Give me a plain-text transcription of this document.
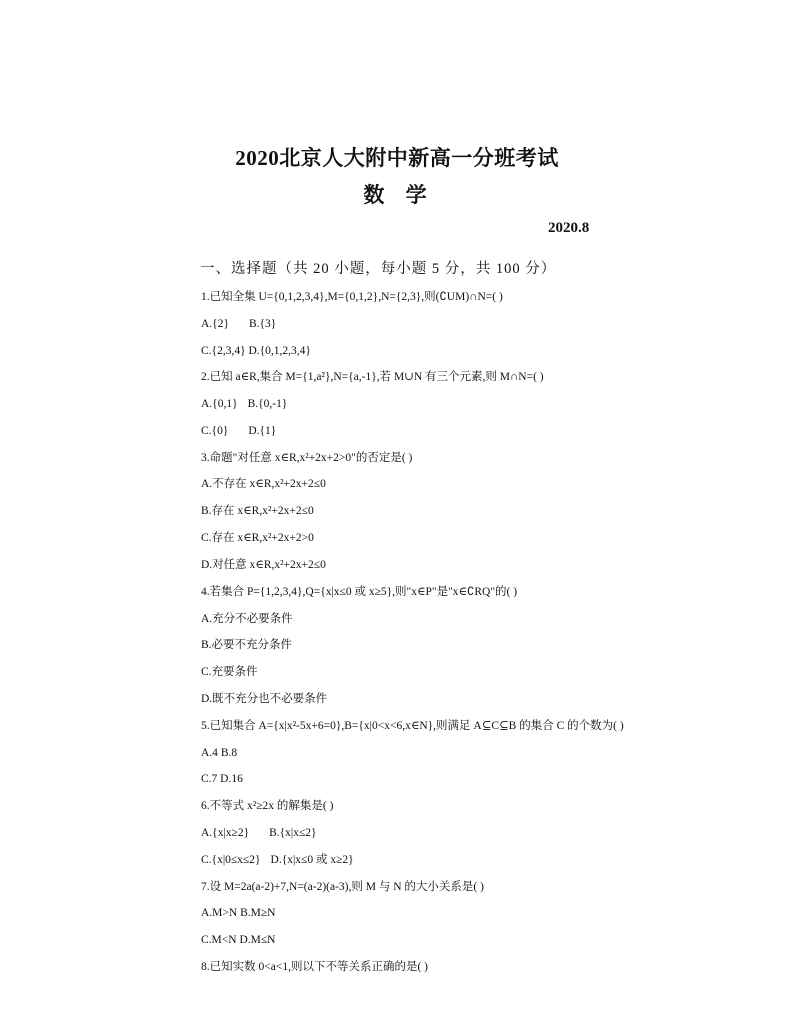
2020北京人大附中新高一分班考试
数 学
2020.8
一、选择题（共 20 小题，每小题 5 分，共 100 分）
1.已知全集 U={0,1,2,3,4},M={0,1,2},N={2,3},则(∁UM)∩N=( )
A.{2} B.{3}
C.{2,3,4} D.{0,1,2,3,4}
2.已知 a∈R,集合 M={1,a²},N={a,-1},若 M∪N 有三个元素,则 M∩N=( )
A.{0,1} B.{0,-1}
C.{0} D.{1}
3.命题"对任意 x∈R,x²+2x+2>0"的否定是( )
A.不存在 x∈R,x²+2x+2≤0
B.存在 x∈R,x²+2x+2≤0
C.存在 x∈R,x²+2x+2>0
D.对任意 x∈R,x²+2x+2≤0
4.若集合 P={1,2,3,4},Q={x|x≤0 或 x≥5},则"x∈P"是"x∈∁RQ"的( )
A.充分不必要条件
B.必要不充分条件
C.充要条件
D.既不充分也不必要条件
5.已知集合 A={x|x²-5x+6=0},B={x|0<x<6,x∈N},则满足 A⊆C⊆B 的集合 C 的个数为( )
A.4 B.8
C.7 D.16
6.不等式 x²≥2x 的解集是( )
A.{x|x≥2} B.{x|x≤2}
C.{x|0≤x≤2} D.{x|x≤0 或 x≥2}
7.设 M=2a(a-2)+7,N=(a-2)(a-3),则 M 与 N 的大小关系是( )
A.M>N B.M≥N
C.M<N D.M≤N
8.已知实数 0<a<1,则以下不等关系正确的是( )
